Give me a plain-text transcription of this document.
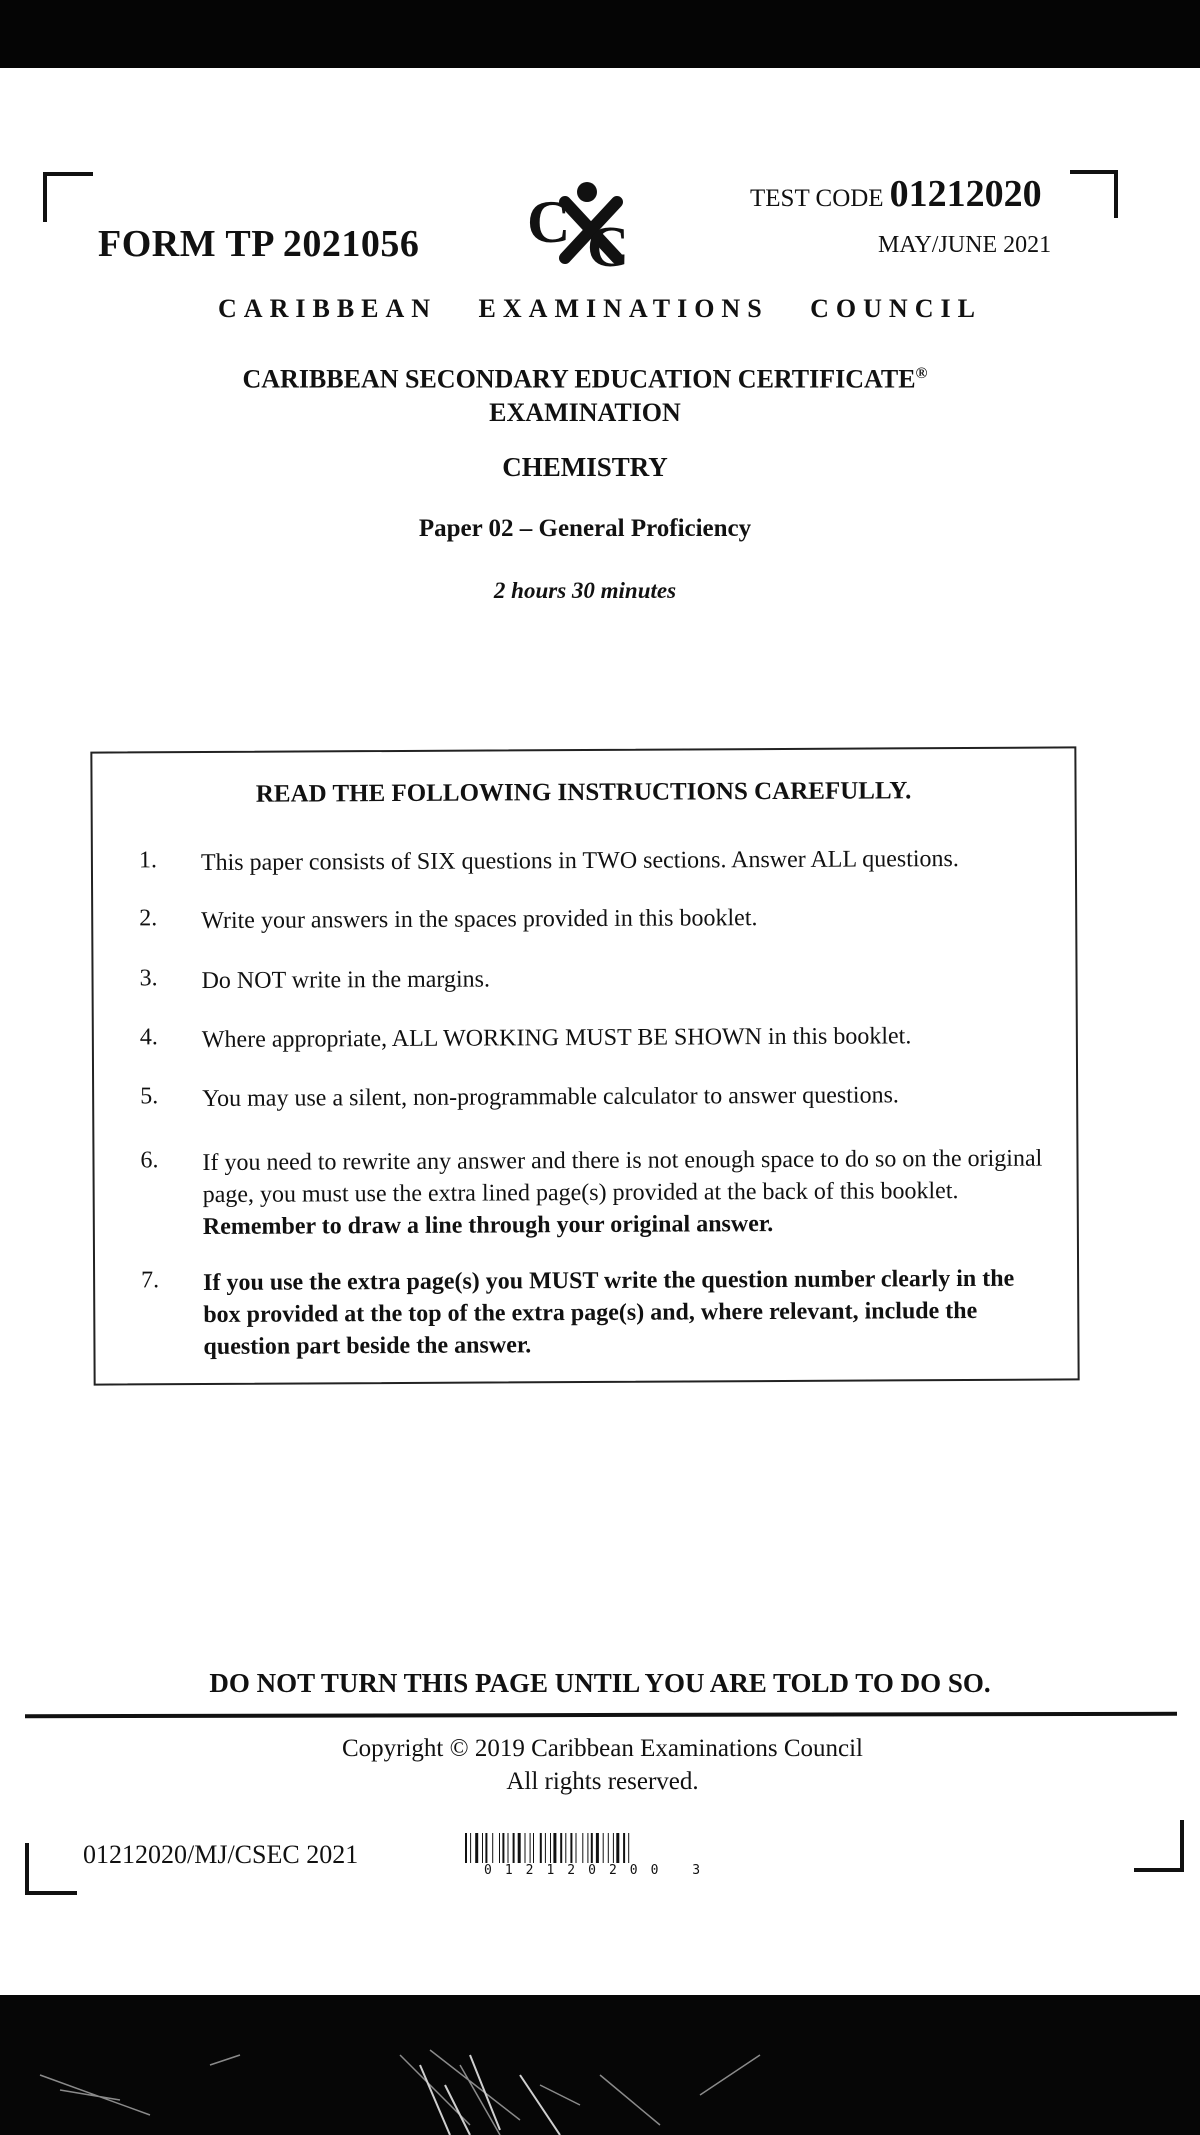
FORM TP 2021056 C C
TEST CODE 01212020
MAY/JUNE 2021
CARIBBEAN EXAMINATIONS COUNCIL
CARIBBEAN SECONDARY EDUCATION CERTIFICATE®
EXAMINATION
CHEMISTRY
Paper 02 – General Proficiency
2 hours 30 minutes
READ THE FOLLOWING INSTRUCTIONS CAREFULLY.
1.	This paper consists of SIX questions in TWO sections. Answer ALL questions.
2.	Write your answers in the spaces provided in this booklet.
3.	Do NOT write in the margins.
4.	Where appropriate, ALL WORKING MUST BE SHOWN in this booklet.
5.	You may use a silent, non-programmable calculator to answer questions.
6.	If you need to rewrite any answer and there is not enough space to do so on the original page, you must use the extra lined page(s) provided at the back of this booklet. Remember to draw a line through your original answer.
7.	If you use the extra page(s) you MUST write the question number clearly in the box provided at the top of the extra page(s) and, where relevant, include the question part beside the answer.
DO NOT TURN THIS PAGE UNTIL YOU ARE TOLD TO DO SO.
Copyright © 2019 Caribbean Examinations Council
All rights reserved.
01212020/MJ/CSEC 2021
012120200 3
